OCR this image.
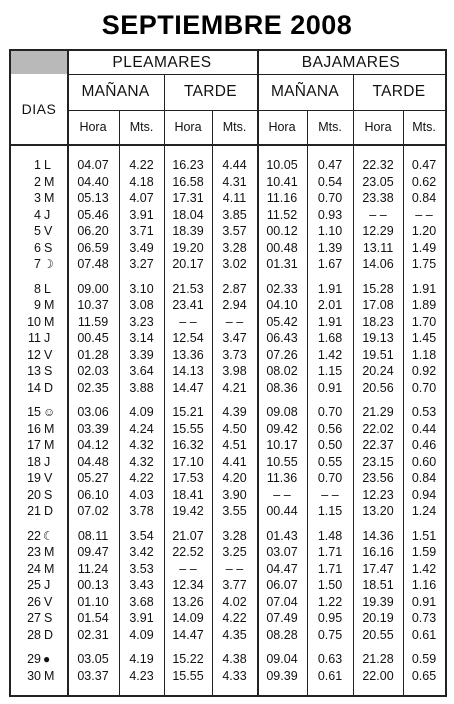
SEPTIEMBRE 2008
PLEAMARES	BAJAMARES
DIAS
MAÑANA	TARDE	MAÑANA	TARDE
Hora	Mts.	Hora	Mts.	Hora	Mts.	Hora	Mts.
1 L	04.07	4.22	16.23	4.44	10.05	0.47	22.32	0.47
2 M	04.40	4.18	16.58	4.31	10.41	0.54	23.05	0.62
3 M	05.13	4.07	17.31	4.11	11.16	0.70	23.38	0.84
4 J	05.46	3.91	18.04	3.85	11.52	0.93	– –	– –
5 V	06.20	3.71	18.39	3.57	00.12	1.10	12.29	1.20
6 S	06.59	3.49	19.20	3.28	00.48	1.39	13.11	1.49
7 ☽	07.48	3.27	20.17	3.02	01.31	1.67	14.06	1.75
8 L	09.00	3.10	21.53	2.87	02.33	1.91	15.28	1.91
9 M	10.37	3.08	23.41	2.94	04.10	2.01	17.08	1.89
10 M	11.59	3.23	– –	– –	05.42	1.91	18.23	1.70
11 J	00.45	3.14	12.54	3.47	06.43	1.68	19.13	1.45
12 V	01.28	3.39	13.36	3.73	07.26	1.42	19.51	1.18
13 S	02.03	3.64	14.13	3.98	08.02	1.15	20.24	0.92
14 D	02.35	3.88	14.47	4.21	08.36	0.91	20.56	0.70
15 ☺	03.06	4.09	15.21	4.39	09.08	0.70	21.29	0.53
16 M	03.39	4.24	15.55	4.50	09.42	0.56	22.02	0.44
17 M	04.12	4.32	16.32	4.51	10.17	0.50	22.37	0.46
18 J	04.48	4.32	17.10	4.41	10.55	0.55	23.15	0.60
19 V	05.27	4.22	17.53	4.20	11.36	0.70	23.56	0.84
20 S	06.10	4.03	18.41	3.90	– –	– –	12.23	0.94
21 D	07.02	3.78	19.42	3.55	00.44	1.15	13.20	1.24
22 ☾	08.11	3.54	21.07	3.28	01.43	1.48	14.36	1.51
23 M	09.47	3.42	22.52	3.25	03.07	1.71	16.16	1.59
24 M	11.24	3.53	– –	– –	04.47	1.71	17.47	1.42
25 J	00.13	3.43	12.34	3.77	06.07	1.50	18.51	1.16
26 V	01.10	3.68	13.26	4.02	07.04	1.22	19.39	0.91
27 S	01.54	3.91	14.09	4.22	07.49	0.95	20.19	0.73
28 D	02.31	4.09	14.47	4.35	08.28	0.75	20.55	0.61
29 ●	03.05	4.19	15.22	4.38	09.04	0.63	21.28	0.59
30 M	03.37	4.23	15.55	4.33	09.39	0.61	22.00	0.65
